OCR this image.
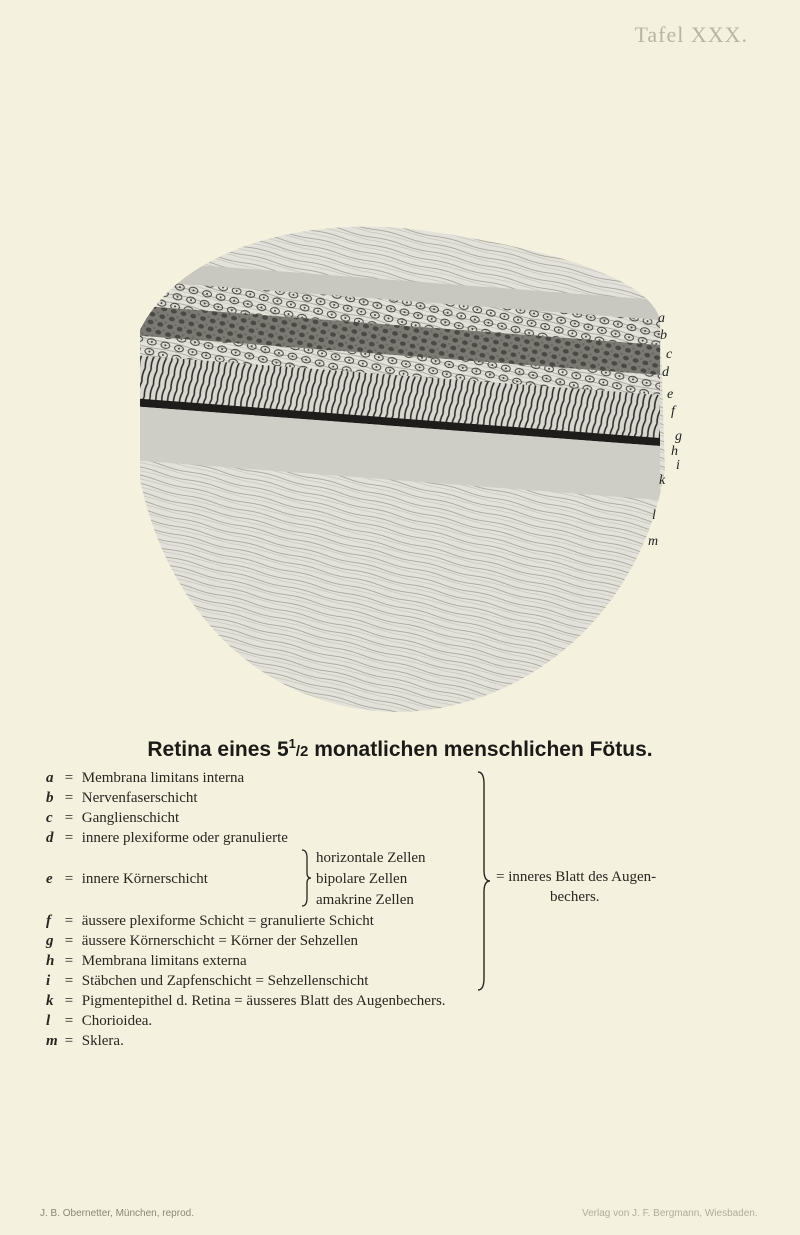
Tafel XXX.
a
b
c
d
e
f
g
h
i
k
l
m
Retina eines $5^1/2$ monatlichen menschlichen Fötus.
a = Membrana limitans interna
b = Nervenfaserschicht
c = Ganglienschicht
d = innere plexiforme oder granulierte
e = innere Körnerschicht
horizontale Zellen
bipolare Zellen
amakrine Zellen
f = äussere plexiforme Schicht = granulierte Schicht
g = äussere Körnerschicht = Körner der Sehzellen
h = Membrana limitans externa
i = Stäbchen und Zapfenschicht = Sehzellenschicht
k = Pigmentepithel d. Retina = äusseres Blatt des Augenbechers.
l = Chorioidea.
m = Sklera.
= inneres Blatt des Augen-
bechers.
J. B. Obernetter, München, reprod.	Verlag von J. F. Bergmann, Wiesbaden.
